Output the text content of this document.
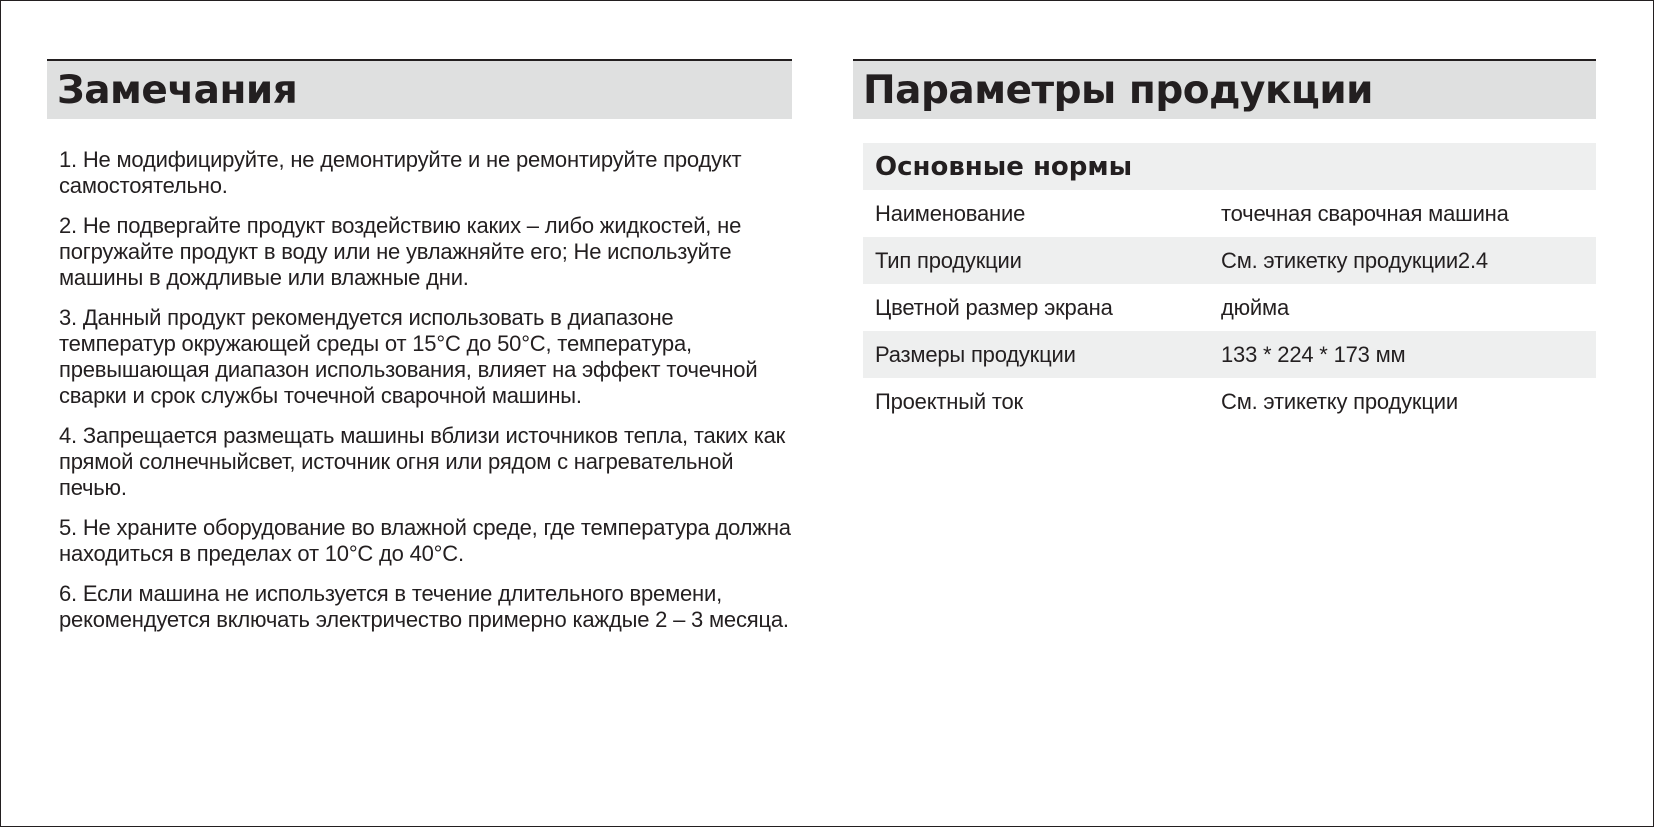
Замечания
1. Не модифицируйте, не демонтируйте и не ремонтируйте продукт самостоятельно.
2. Не подвергайте продукт воздействию каких – либо жидкостей, не погружайте продукт в воду или не увлажняйте его; Не используйте машины в дождливые или влажные дни.
3. Данный продукт рекомендуется использовать в диапазоне температур окружающей среды от 15°C до 50°C, температура, превышающая диапазон использования, влияет на эффект точечной сварки и срок службы точечной сварочной машины.
4. Запрещается размещать машины вблизи источников тепла, таких как прямой солнечныйсвет, источник огня или рядом с нагревательной печью.
5. Не храните оборудование во влажной среде, где температура должна находиться в пределах от 10°C до 40°C.
6. Если машина не используется в течение длительного времени, рекомендуется включать электричество примерно каждые 2 – 3 месяца.
Параметры продукции
Основные нормы	
Наименование	точечная сварочная машина
Тип продукции	См. этикетку продукции2.4
Цветной размер экрана	дюйма
Размеры продукции	133 * 224 * 173 мм
Проектный ток	См. этикетку продукции
